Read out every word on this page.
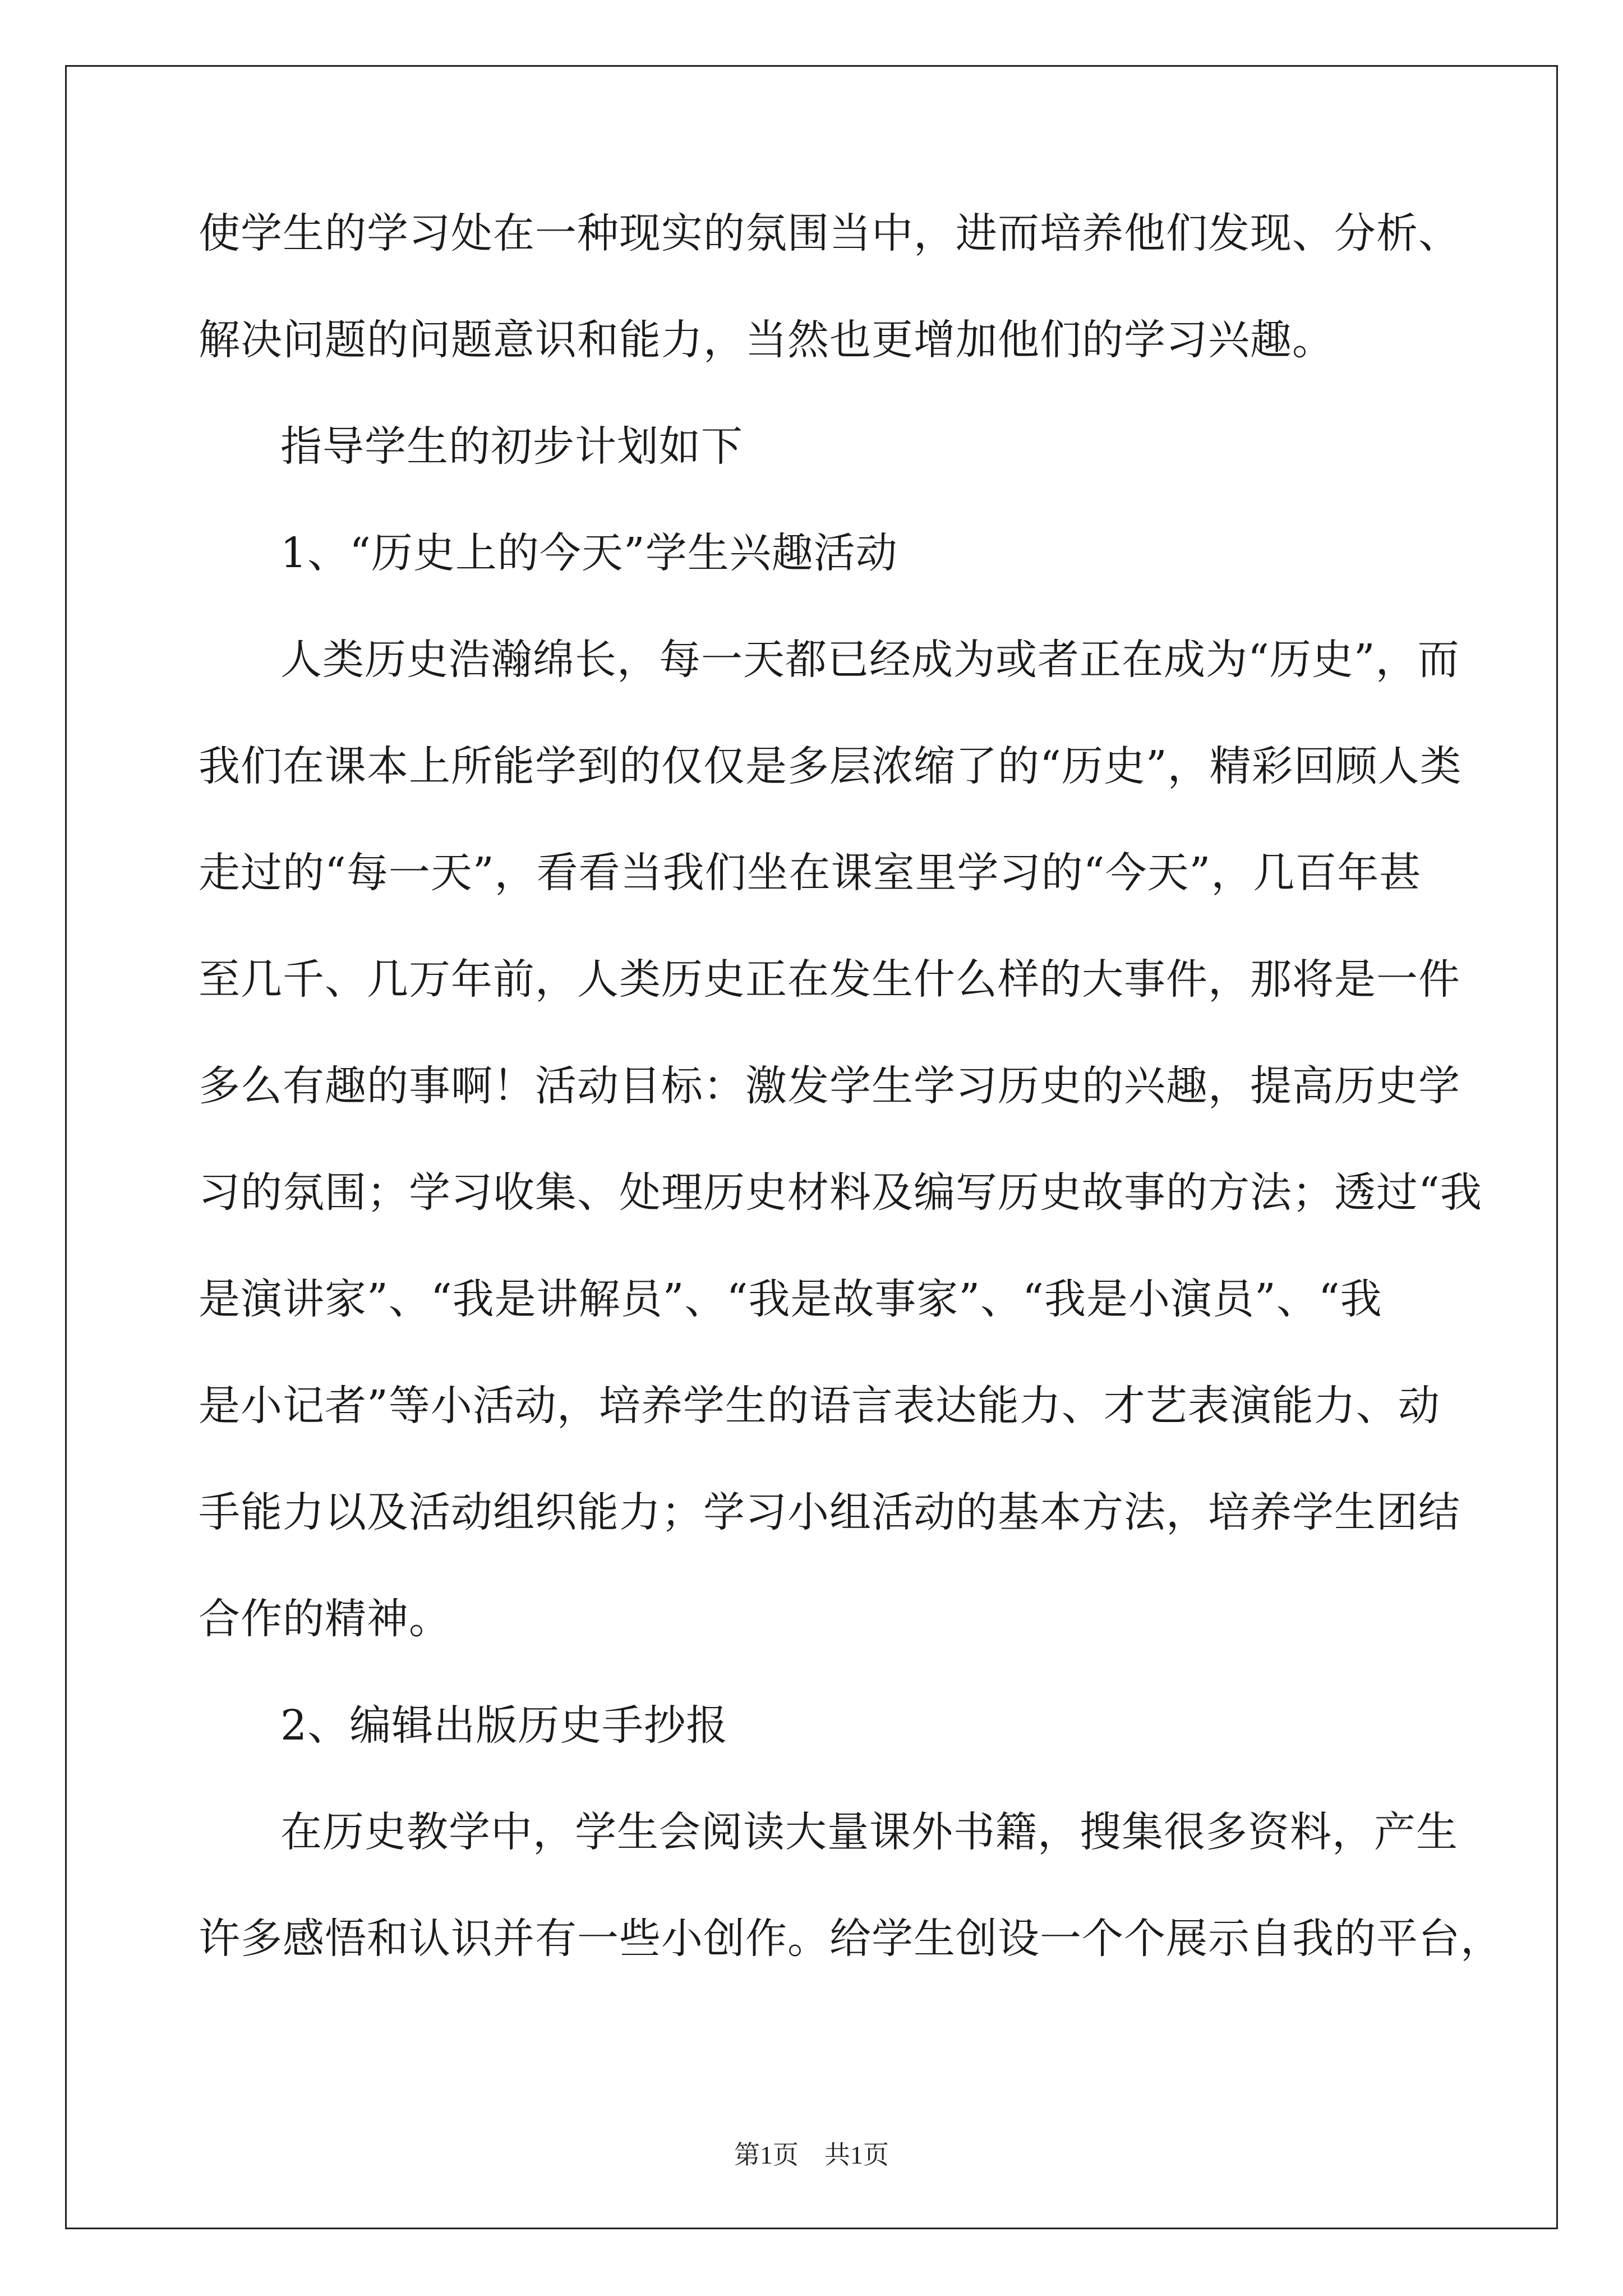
使学生的学习处在一种现实的氛围当中，进而培养他们发现、分析、
解决问题的问题意识和能力，当然也更增加他们的学习兴趣。
指导学生的初步计划如下
1、“历史上的今天”学生兴趣活动
人类历史浩瀚绵长，每一天都已经成为或者正在成为“历史”，而
我们在课本上所能学到的仅仅是多层浓缩了的“历史”，精彩回顾人类
走过的“每一天”，看看当我们坐在课室里学习的“今天”，几百年甚
至几千、几万年前，人类历史正在发生什么样的大事件，那将是一件
多么有趣的事啊！活动目标：激发学生学习历史的兴趣，提高历史学
习的氛围；学习收集、处理历史材料及编写历史故事的方法；透过“我
是演讲家”、“我是讲解员”、“我是故事家”、“我是小演员”、“我
是小记者”等小活动，培养学生的语言表达能力、才艺表演能力、动
手能力以及活动组织能力；学习小组活动的基本方法，培养学生团结
合作的精神。
2、编辑出版历史手抄报
在历史教学中，学生会阅读大量课外书籍，搜集很多资料，产生
许多感悟和认识并有一些小创作。给学生创设一个个展示自我的平台，
第1页　共1页
